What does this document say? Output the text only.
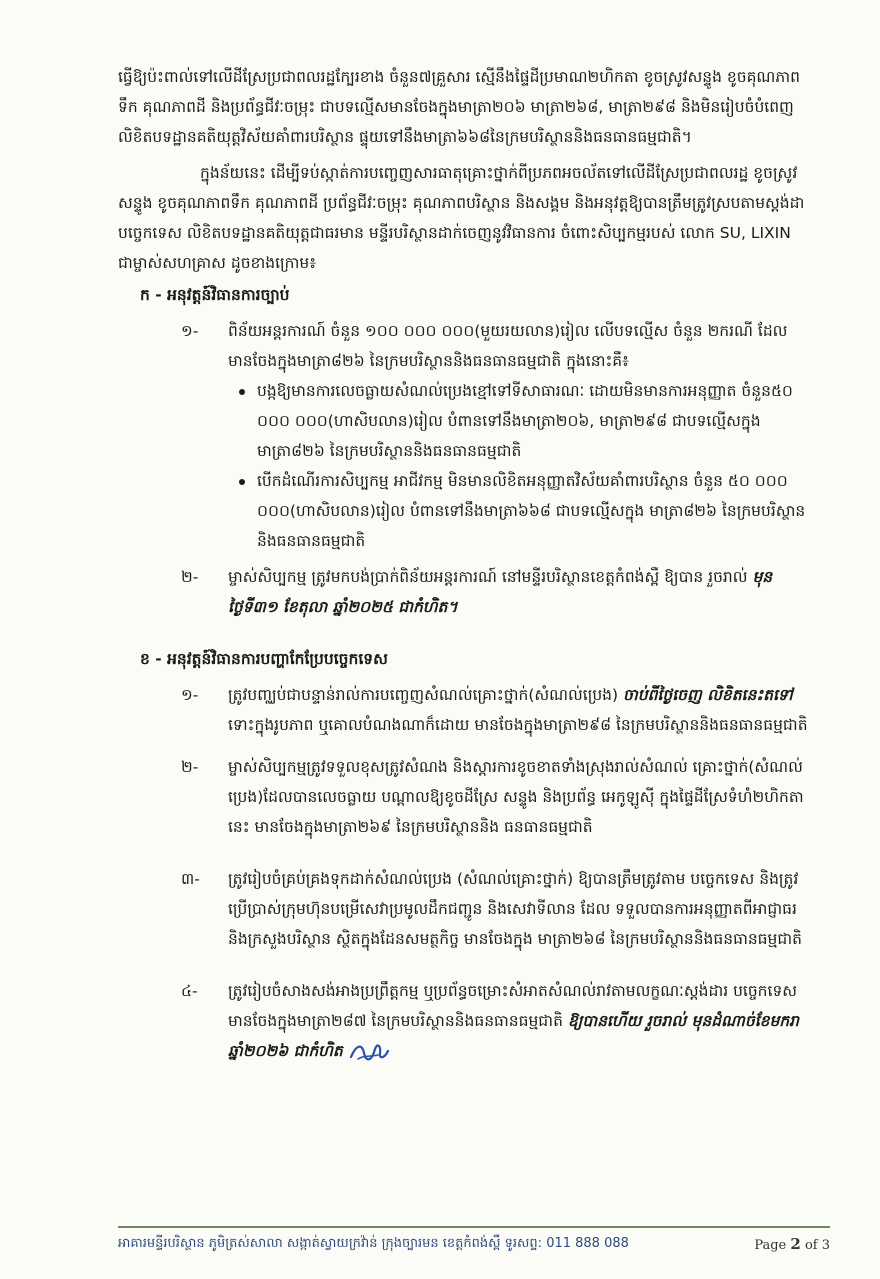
ធ្វើឱ្យប៉ះពាល់ទៅលើដីស្រែប្រជាពលរដ្ឋក្បែរខាង ចំនួន៧គ្រួសារ ស្មើនឹងផ្ទៃដីប្រមាណ២ហិកតា ខូចស្រូវសន្ទូង ខូចគុណភាពទឹក គុណភាពដី និងប្រព័ន្ធជីវៈចម្រុះ ជាបទល្មើសមានចែងក្នុងមាត្រា២០៦ មាត្រា២៦៨, មាត្រា២៩៨ និងមិនរៀបចំបំពេញលិខិតបទដ្ឋានគតិយុត្តវិស័យគាំពារបរិស្ថាន ផ្ទុយទៅនឹងមាត្រា៦៦៨នៃក្រមបរិស្ថាននិងធនធានធម្មជាតិ។

ក្នុងន័យនេះ ដើម្បីទប់ស្កាត់ការបញ្ចេញសារធាតុគ្រោះថ្នាក់ពីប្រភពអចល័តទៅលើដីស្រែប្រជាពលរដ្ឋ ខូចស្រូវសន្ទូង ខូចគុណភាពទឹក គុណភាពដី ប្រព័ន្ធជីវៈចម្រុះ គុណភាពបរិស្ថាន និងសង្គម និងអនុវត្តឱ្យបានត្រឹមត្រូវស្របតាមស្តង់ដាបច្ចេកទេស លិខិតបទដ្ឋានគតិយុត្តជាធរមាន មន្ទីរបរិស្ថានដាក់ចេញនូវវិធានការ ចំពោះសិប្បកម្មរបស់ លោក SU, LIXIN ជាម្ចាស់សហគ្រាស ដូចខាងក្រោម៖

ក - អនុវត្តន៍វិធានការច្បាប់
១-	ពិន័យអន្តរការណ៍ ចំនួន ១០០ ០០០ ០០០(មួយរយលាន)រៀល លើបទល្មើស ចំនួន ២ករណី ដែលមានចែងក្នុងមាត្រា៨២៦ នៃក្រមបរិស្ថាននិងធនធានធម្មជាតិ ក្នុងនោះគឺ៖
បង្កឱ្យមានការលេចធ្លាយសំណល់ប្រេងខ្មៅទៅទីសាធារណៈ ដោយមិនមានការអនុញ្ញាត ចំនួន៥០ ០០០ ០០០(ហាសិបលាន)រៀល បំពានទៅនឹងមាត្រា២០៦, មាត្រា២៩៨ ជាបទល្មើសក្នុងមាត្រា៨២៦ នៃក្រមបរិស្ថាននិងធនធានធម្មជាតិ
បើកដំណើរការសិប្បកម្ម អាជីវកម្ម មិនមានលិខិតអនុញ្ញាតវិស័យគាំពារបរិស្ថាន ចំនួន ៥០ ០០០ ០០០(ហាសិបលាន)រៀល បំពានទៅនឹងមាត្រា៦៦៨ ជាបទល្មើសក្នុង មាត្រា៨២៦ នៃក្រមបរិស្ថាននិងធនធានធម្មជាតិ
២-	ម្ចាស់សិប្បកម្ម ត្រូវមកបង់ប្រាក់ពិន័យអន្តរការណ៍ នៅមន្ទីរបរិស្ថានខេត្តកំពង់ស្ពឺ ឱ្យបាន រួចរាល់ មុនថ្ងៃទី៣១ ខែតុលា ឆ្នាំ២០២៥ ជាកំហិត។
ខ - អនុវត្តន៍វិធានការបញ្ហាកែប្រែបច្ចេកទេស
១-	ត្រូវបញ្ឈប់ជាបន្ទាន់រាល់ការបញ្ចេញសំណល់គ្រោះថ្នាក់(សំណល់ប្រេង) ចាប់ពីថ្ងៃចេញ លិខិតនេះតទៅ ទោះក្នុងរូបភាព ឬគោលបំណងណាក៏ដោយ មានចែងក្នុងមាត្រា២៩៨ នៃក្រមបរិស្ថាននិងធនធានធម្មជាតិ
២-	ម្ចាស់សិប្បកម្មត្រូវទទួលខុសត្រូវសំណង និងស្តារការខូចខាតទាំងស្រុងរាល់សំណល់ គ្រោះថ្នាក់(សំណល់ប្រេង)ដែលបានលេចធ្លាយ បណ្តាលឱ្យខូចដីស្រែ សន្ទូង និងប្រព័ន្ធ អេកូឡូស៊ី ក្នុងផ្ទៃដីស្រែទំហំ២ហិកតានេះ មានចែងក្នុងមាត្រា២៦៩ នៃក្រមបរិស្ថាននិង ធនធានធម្មជាតិ
៣-	ត្រូវរៀបចំគ្រប់គ្រងទុកដាក់សំណល់ប្រេង (សំណល់គ្រោះថ្នាក់) ឱ្យបានត្រឹមត្រូវតាម បច្ចេកទេស និងត្រូវប្រើប្រាស់ក្រុមហ៊ុនបម្រើសេវាប្រមូលដឹកជញ្ជូន និងសេវាទីលាន ដែល ទទួលបានការអនុញ្ញាតពីអាជ្ញាធរ និងក្រសួងបរិស្ថាន ស្ថិតក្នុងដែនសមត្ថកិច្ច មានចែងក្នុង មាត្រា២៦៨ នៃក្រមបរិស្ថាននិងធនធានធម្មជាតិ
៤-	ត្រូវរៀបចំសាងសង់អាងប្រព្រឹត្តកម្ម ឬប្រព័ន្ធចម្រោះសំអាតសំណល់រាវតាមលក្ខណៈស្តង់ដារ បច្ចេកទេស មានចែងក្នុងមាត្រា២៨៧ នៃក្រមបរិស្ថាននិងធនធានធម្មជាតិ ឱ្យបានហើយ រួចរាល់ មុនដំណាច់ខែមករា ឆ្នាំ២០២៦ ជាកំហិត
អាគារមន្ទីរបរិស្ថាន ភូមិត្រស់សាលា សង្កាត់ស្វាយក្រវ៉ាន់ ក្រុងច្បារមន ខេត្តកំពង់ស្ពឺ ទូរសព្ទ: 011 888 088	Page 2 of 3
